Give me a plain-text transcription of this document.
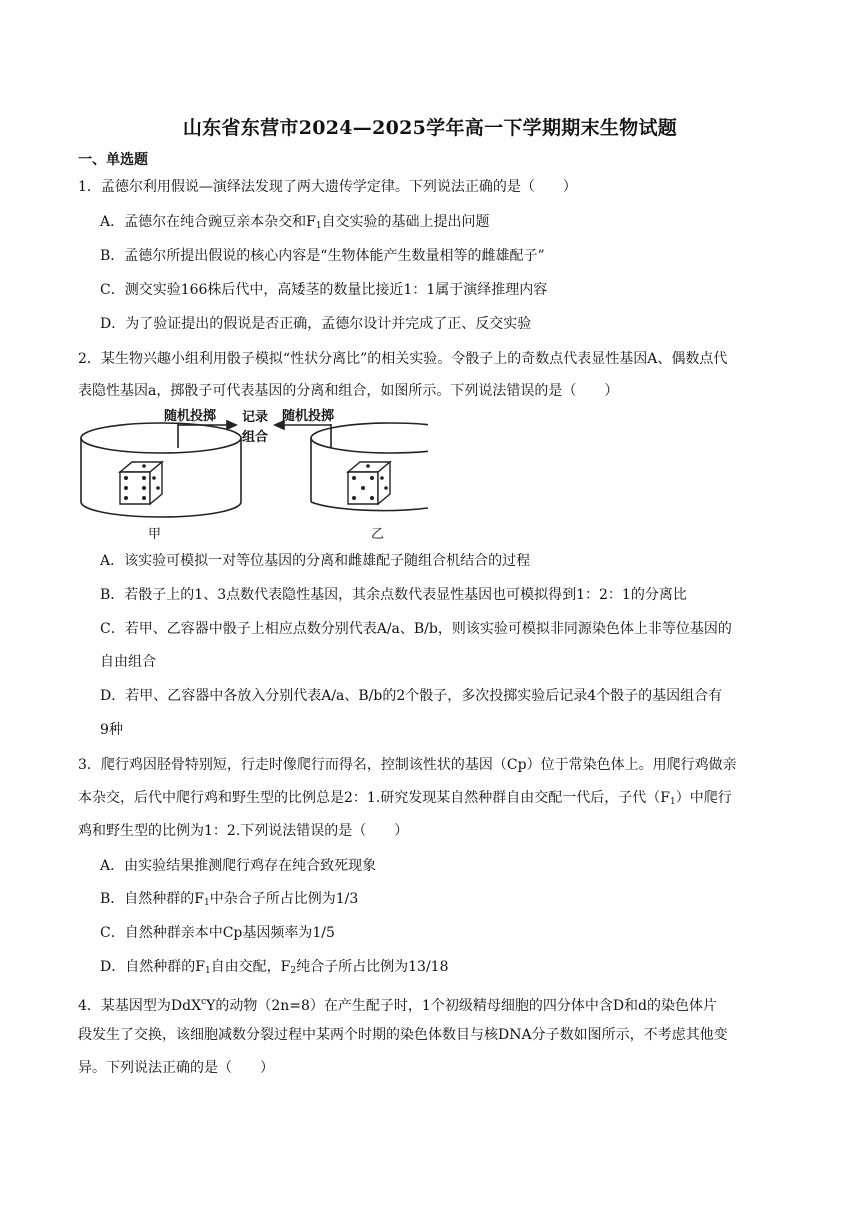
山东省东营市2024—2025学年高一下学期期末生物试题
一、单选题
1．孟德尔利用假说—演绎法发现了两大遗传学定律。下列说法正确的是（　　）
A．孟德尔在纯合豌豆亲本杂交和$F_1$自交实验的基础上提出问题
B．孟德尔所提出假说的核心内容是“生物体能产生数量相等的雌雄配子”
C．测交实验166株后代中，高矮茎的数量比接近1：1属于演绎推理内容
D．为了验证提出的假说是否正确，孟德尔设计并完成了正、反交实验
2．某生物兴趣小组利用骰子模拟“性状分离比”的相关实验。令骰子上的奇数点代表显性基因A、偶数点代
表隐性基因a，掷骰子可代表基因的分离和组合，如图所示。下列说法错误的是（　　）
随机投掷	随机投掷
记录
组合
甲	乙
A．该实验可模拟一对等位基因的分离和雌雄配子随组合机结合的过程
B．若骰子上的1、3点数代表隐性基因，其余点数代表显性基因也可模拟得到1：2：1的分离比
C．若甲、乙容器中骰子上相应点数分别代表A/a、B/b，则该实验可模拟非同源染色体上非等位基因的
自由组合
D．若甲、乙容器中各放入分别代表A/a、B/b的2个骰子，多次投掷实验后记录4个骰子的基因组合有
9种
3．爬行鸡因胫骨特别短，行走时像爬行而得名，控制该性状的基因（Cp）位于常染色体上。用爬行鸡做亲
本杂交，后代中爬行鸡和野生型的比例总是2：1.研究发现某自然种群自由交配一代后，子代$(F_1)$中爬行
鸡和野生型的比例为1：2.下列说法错误的是（　　）
A．由实验结果推测爬行鸡存在纯合致死现象
B．自然种群的$F_1$中杂合子所占比例为1/3
C．自然种群亲本中Cp基因频率为1/5
D．自然种群的$F_1$自由交配，$F_2$纯合子所占比例为13/18
4．某基因型为DdX$^c$Y的动物（2n=8）在产生配子时，1个初级精母细胞的四分体中含D和d的染色体片
段发生了交换，该细胞减数分裂过程中某两个时期的染色体数目与核DNA分子数如图所示，不考虑其他变
异。下列说法正确的是（　　）
